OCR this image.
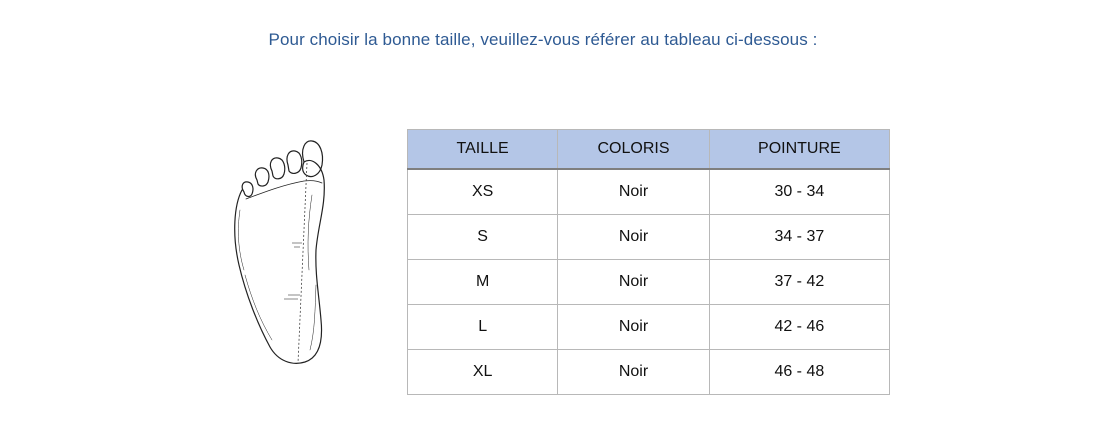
Pour choisir la bonne taille, veuillez-vous référer au tableau ci-dessous :
TAILLE	COLORIS	POINTURE
XS	Noir	30 - 34
S	Noir	34 - 37
M	Noir	37 - 42
L	Noir	42 - 46
XL	Noir	46 - 48
